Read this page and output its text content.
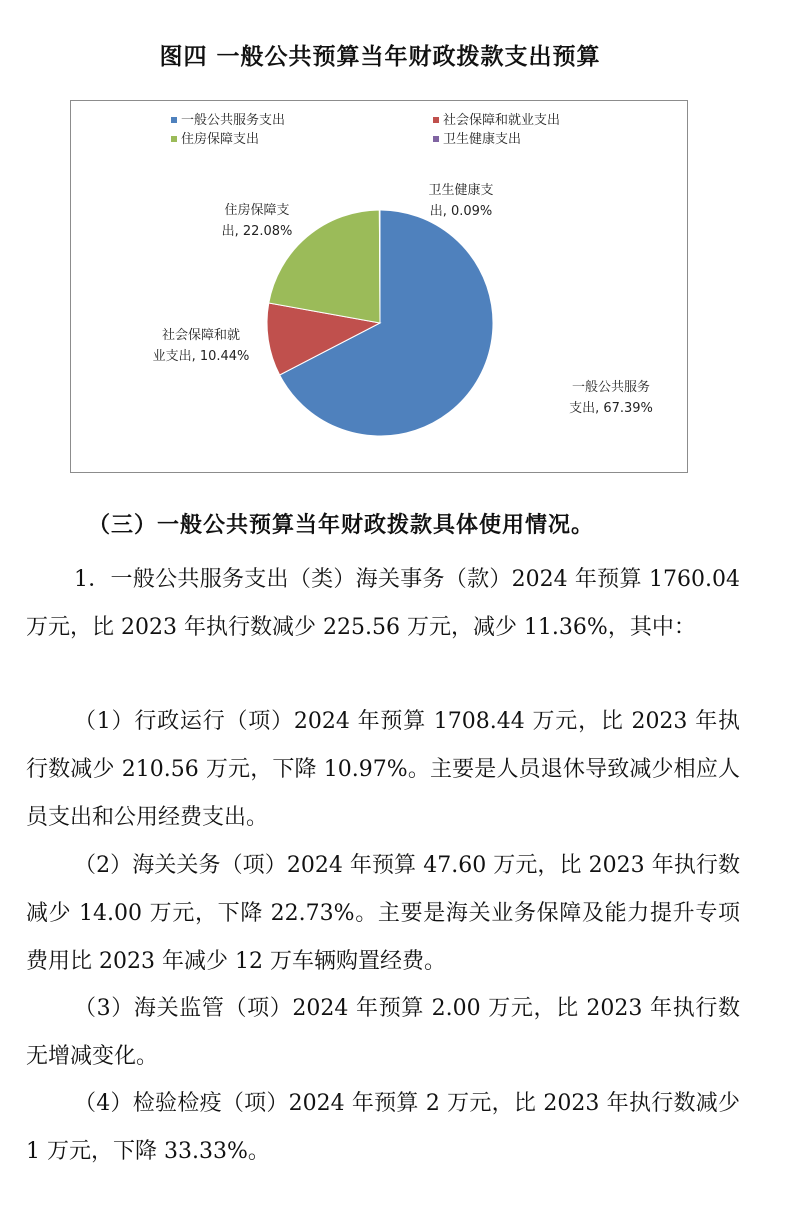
图四 一般公共预算当年财政拨款支出预算
一般公共服务支出	社会保障和就业支出
住房保障支出	卫生健康支出
一般公共服务
支出, 67.39%
社会保障和就
业支出, 10.44%
住房保障支
出, 22.08%
卫生健康支
出, 0.09%
（三）一般公共预算当年财政拨款具体使用情况。

1．一般公共服务支出（类）海关事务（款）2024 年预算 1760.04 万元，比 2023 年执行数减少 225.56 万元，减少 11.36%，其中：

（1）行政运行（项）2024 年预算 1708.44 万元，比 2023 年执行数减少 210.56 万元，下降 10.97%。主要是人员退休导致减少相应人员支出和公用经费支出。

（2）海关关务（项）2024 年预算 47.60 万元，比 2023 年执行数减少 14.00 万元，下降 22.73%。主要是海关业务保障及能力提升专项费用比 2023 年减少 12 万车辆购置经费。

（3）海关监管（项）2024 年预算 2.00 万元，比 2023 年执行数无增减变化。

（4）检验检疫（项）2024 年预算 2 万元，比 2023 年执行数减少 1 万元，下降 33.33%。
